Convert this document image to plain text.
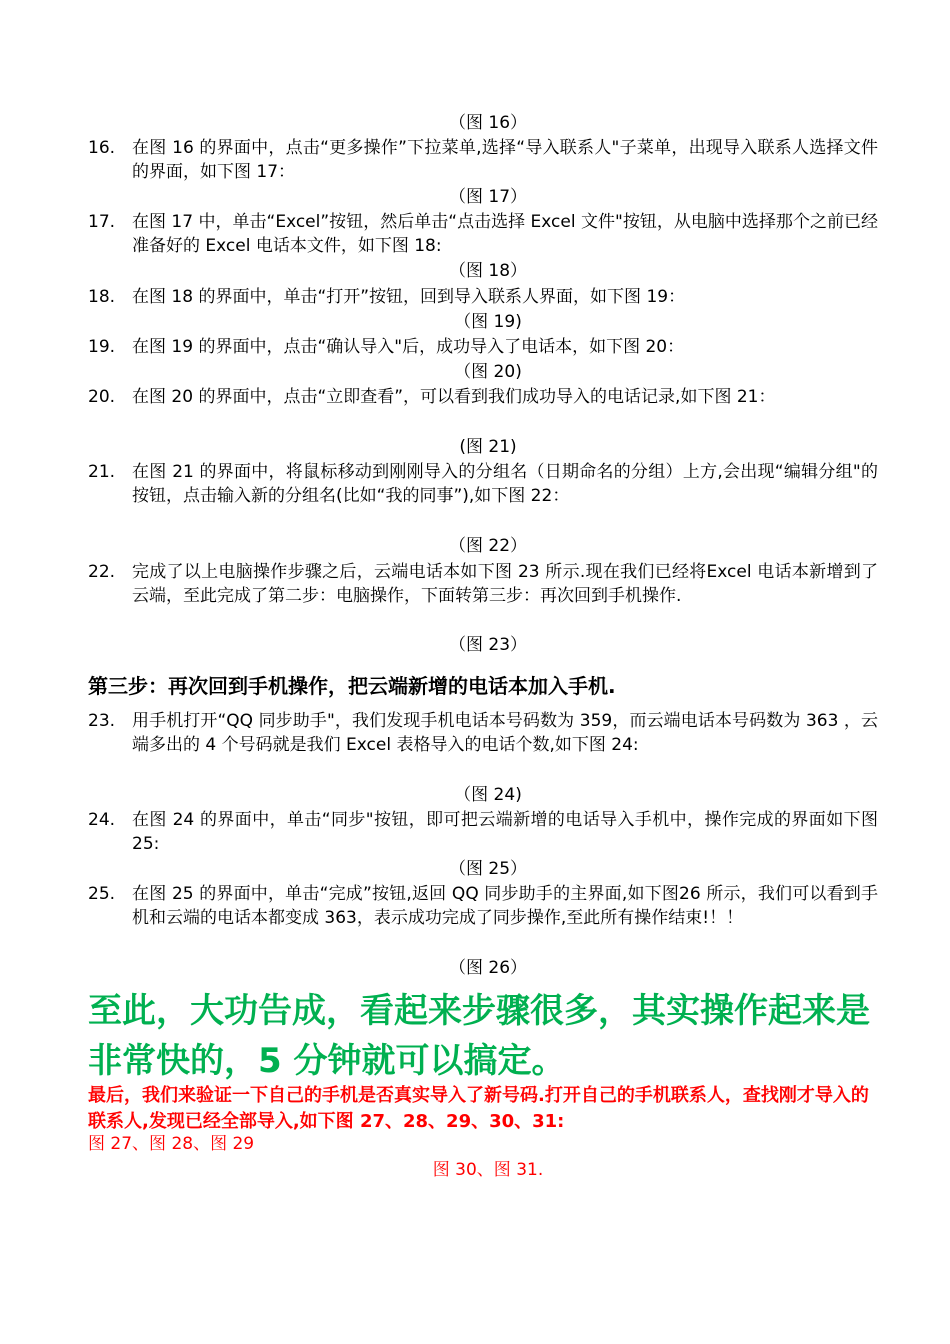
（图 16）
16. 在图 16 的界面中，点击“更多操作”下拉菜单,选择“导入联系人"子菜单，出现导入联系人选择文件的界面，如下图 17：
（图 17）
17. 在图 17 中，单击“Excel”按钮，然后单击“点击选择 Excel 文件"按钮，从电脑中选择那个之前已经准备好的 Excel 电话本文件，如下图 18:
（图 18）
18. 在图 18 的界面中，单击“打开”按钮，回到导入联系人界面，如下图 19：
（图 19)
19. 在图 19 的界面中，点击“确认导入"后，成功导入了电话本，如下图 20：
（图 20)
20. 在图 20 的界面中，点击“立即查看”，可以看到我们成功导入的电话记录,如下图 21：
(图 21)
21. 在图 21 的界面中，将鼠标移动到刚刚导入的分组名（日期命名的分组）上方,会出现“编辑分组"的按钮，点击输入新的分组名(比如“我的同事”),如下图 22：
（图 22）
22. 完成了以上电脑操作步骤之后，云端电话本如下图 23 所示.现在我们已经将Excel 电话本新增到了云端，至此完成了第二步：电脑操作，下面转第三步：再次回到手机操作.
（图 23）
第三步：再次回到手机操作，把云端新增的电话本加入手机.
23. 用手机打开“QQ 同步助手"，我们发现手机电话本号码数为 359，而云端电话本号码数为 363 ，云端多出的 4 个号码就是我们 Excel 表格导入的电话个数,如下图 24:
（图 24)
24. 在图 24 的界面中，单击“同步"按钮，即可把云端新增的电话导入手机中，操作完成的界面如下图 25:
（图 25）
25. 在图 25 的界面中，单击“完成”按钮,返回 QQ 同步助手的主界面,如下图26 所示，我们可以看到手机和云端的电话本都变成 363，表示成功完成了同步操作,至此所有操作结束!！！
（图 26）
至此，大功告成，看起来步骤很多，其实操作起来是非常快的，5 分钟就可以搞定。
最后，我们来验证一下自己的手机是否真实导入了新号码.打开自己的手机联系人，查找刚才导入的联系人,发现已经全部导入,如下图 27、28、29、30、31:
图 27、图 28、图 29
图 30、图 31.
